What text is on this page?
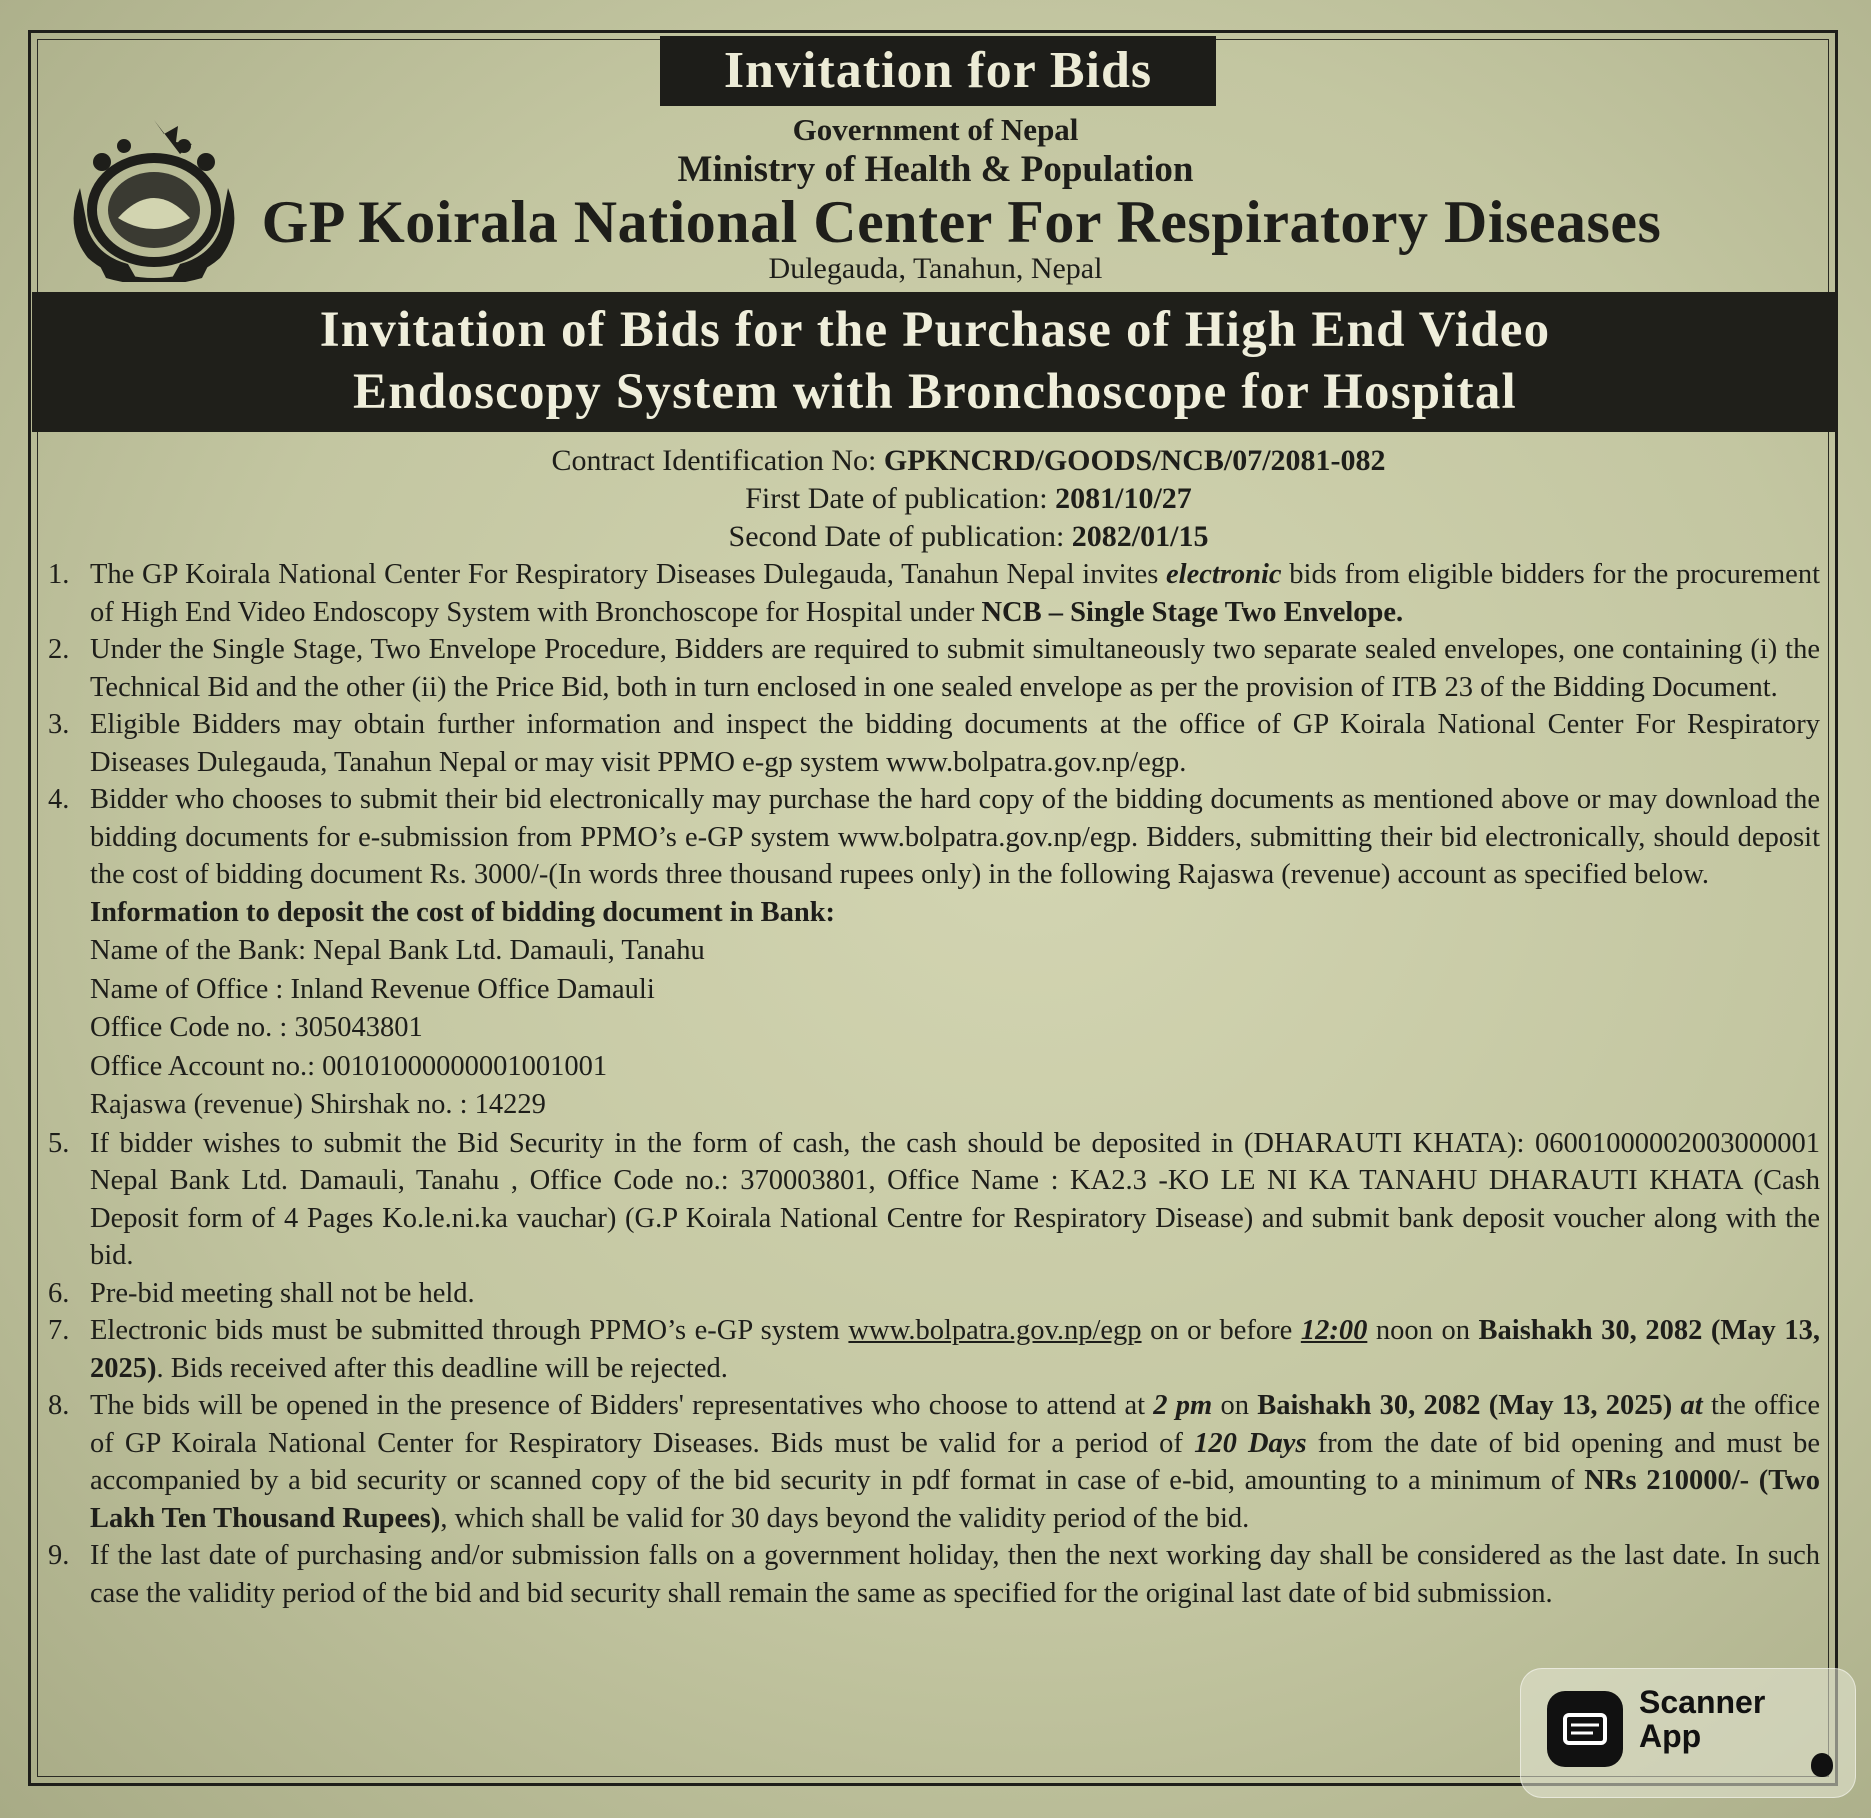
Invitation for Bids
Government of Nepal
Ministry of Health & Population
GP Koirala National Center For Respiratory Diseases
Dulegauda, Tanahun, Nepal
Invitation of Bids for the Purchase of High End Video
Endoscopy System with Bronchoscope for Hospital
Contract Identification No: GPKNCRD/GOODS/NCB/07/2081-082
First Date of publication: 2081/10/27
Second Date of publication: 2082/01/15
1. The GP Koirala National Center For Respiratory Diseases Dulegauda, Tanahun Nepal invites electronic bids from eligible bidders for the procurement of High End Video Endoscopy System with Bronchoscope for Hospital under NCB – Single Stage Two Envelope.

2. Under the Single Stage, Two Envelope Procedure, Bidders are required to submit simultaneously two separate sealed envelopes, one containing (i) the Technical Bid and the other (ii) the Price Bid, both in turn enclosed in one sealed envelope as per the provision of ITB 23 of the Bidding Document.

3. Eligible Bidders may obtain further information and inspect the bidding documents at the office of GP Koirala National Center For Respiratory Diseases Dulegauda, Tanahun Nepal or may visit PPMO e-gp system www.bolpatra.gov.np/egp.

4. Bidder who chooses to submit their bid electronically may purchase the hard copy of the bidding documents as mentioned above or may download the bidding documents for e-submission from PPMO’s e-GP system www.bolpatra.gov.np/egp. Bidders, submitting their bid electronically, should deposit the cost of bidding document Rs. 3000/-(In words three thousand rupees only) in the following Rajaswa (revenue) account as specified below.

Information to deposit the cost of bidding document in Bank:
Name of the Bank: Nepal Bank Ltd. Damauli, Tanahu
Name of Office : Inland Revenue Office Damauli
Office Code no. : 305043801
Office Account no.: 00101000000001001001
Rajaswa (revenue) Shirshak no. : 14229
5. If bidder wishes to submit the Bid Security in the form of cash, the cash should be deposited in (DHARAUTI KHATA): 06001000002003000001 Nepal Bank Ltd. Damauli, Tanahu , Office Code no.: 370003801, Office Name : KA2.3 -KO LE NI KA TANAHU DHARAUTI KHATA (Cash Deposit form of 4 Pages Ko.le.ni.ka vauchar) (G.P Koirala National Centre for Respiratory Disease) and submit bank deposit voucher along with the bid.

6. Pre-bid meeting shall not be held.

7. Electronic bids must be submitted through PPMO’s e-GP system www.bolpatra.gov.np/egp on or before 12:00 noon on Baishakh 30, 2082 (May 13, 2025). Bids received after this deadline will be rejected.

8. The bids will be opened in the presence of Bidders' representatives who choose to attend at 2 pm on Baishakh 30, 2082 (May 13, 2025) at the office of GP Koirala National Center for Respiratory Diseases. Bids must be valid for a period of 120 Days from the date of bid opening and must be accompanied by a bid security or scanned copy of the bid security in pdf format in case of e-bid, amounting to a minimum of NRs 210000/- (Two Lakh Ten Thousand Rupees), which shall be valid for 30 days beyond the validity period of the bid.

9. If the last date of purchasing and/or submission falls on a government holiday, then the next working day shall be considered as the last date. In such case the validity period of the bid and bid security shall remain the same as specified for the original last date of bid submission.

Scanner
App
